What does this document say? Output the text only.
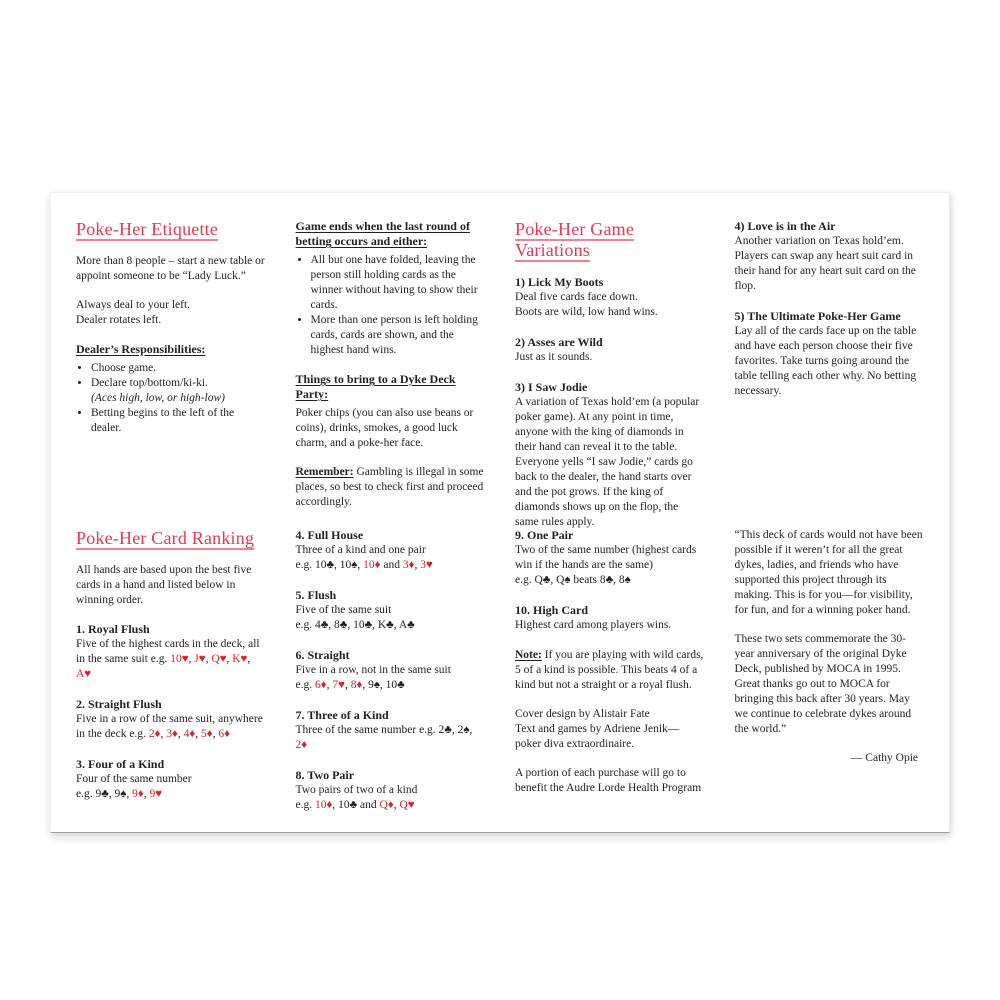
Poke-Her Etiquette

More than 8 people – start a new table or appoint someone to be “Lady Luck.”

Always deal to your left.
Dealer rotates left.

Dealer’s Responsibilities:
• Choose game.
• Declare top/bottom/ki-ki.
(Aces high, low, or high-low)
• Betting begins to the left of the dealer.
Game ends when the last round of betting occurs and either:
• All but one have folded, leaving the person still holding cards as the winner without having to show their cards.
• More than one person is left holding cards, cards are shown, and the highest hand wins.
Things to bring to a Dyke Deck Party:

Poker chips (you can also use beans or coins), drinks, smokes, a good luck charm, and a poke-her face.

Remember: Gambling is illegal in some places, so best to check first and proceed accordingly.

Poke-Her Game Variations
1) Lick My Boots
Deal five cards face down.
Boots are wild, low hand wins.
2) Asses are Wild
Just as it sounds.
3) I Saw Jodie
A variation of Texas hold’em (a popular poker game). At any point in time, anyone with the king of diamonds in their hand can reveal it to the table. Everyone yells “I saw Jodie,” cards go back to the dealer, the hand starts over and the pot grows. If the king of diamonds shows up on the flop, the same rules apply.
4) Love is in the Air
Another variation on Texas hold’em. Players can swap any heart suit card in their hand for any heart suit card on the flop.
5) The Ultimate Poke-Her Game
Lay all of the cards face up on the table and have each person choose their five favorites. Take turns going around the table telling each other why. No betting necessary.
Poke-Her Card Ranking

All hands are based upon the best five cards in a hand and listed below in winning order.

1. Royal Flush
Five of the highest cards in the deck, all in the same suit e.g. 10♥, J♥, Q♥, K♥, A♥
2. Straight Flush
Five in a row of the same suit, anywhere in the deck e.g. 2♦, 3♦, 4♦, 5♦, 6♦
3. Four of a Kind
Four of the same number
e.g. 9♣, 9♠, 9♦, 9♥
4. Full House
Three of a kind and one pair
e.g. 10♣, 10♠, 10♦ and 3♦, 3♥
5. Flush
Five of the same suit
e.g. 4♣, 8♣, 10♣, K♣, A♣
6. Straight
Five in a row, not in the same suit
e.g. 6♦, 7♥, 8♦, 9♠, 10♣
7. Three of a Kind
Three of the same number e.g. 2♣, 2♠, 2♦
8. Two Pair
Two pairs of two of a kind
e.g. 10♦, 10♣ and Q♦, Q♥
9. One Pair
Two of the same number (highest cards win if the hands are the same)
e.g. Q♣, Q♠ beats 8♣, 8♠
10. High Card
Highest card among players wins.

Note: If you are playing with wild cards, 5 of a kind is possible. This beats 4 of a kind but not a straight or a royal flush.

Cover design by Alistair Fate
Text and games by Adriene Jenik—poker diva extraordinaire.

A portion of each purchase will go to benefit the Audre Lorde Health Program

“This deck of cards would not have been possible if it weren’t for all the great dykes, ladies, and friends who have supported this project through its making. This is for you—for visibility, for fun, and for a winning poker hand.

These two sets commemorate the 30-year anniversary of the original Dyke Deck, published by MOCA in 1995. Great thanks go out to MOCA for bringing this back after 30 years. May we continue to celebrate dykes around the world.”

— Cathy Opie
